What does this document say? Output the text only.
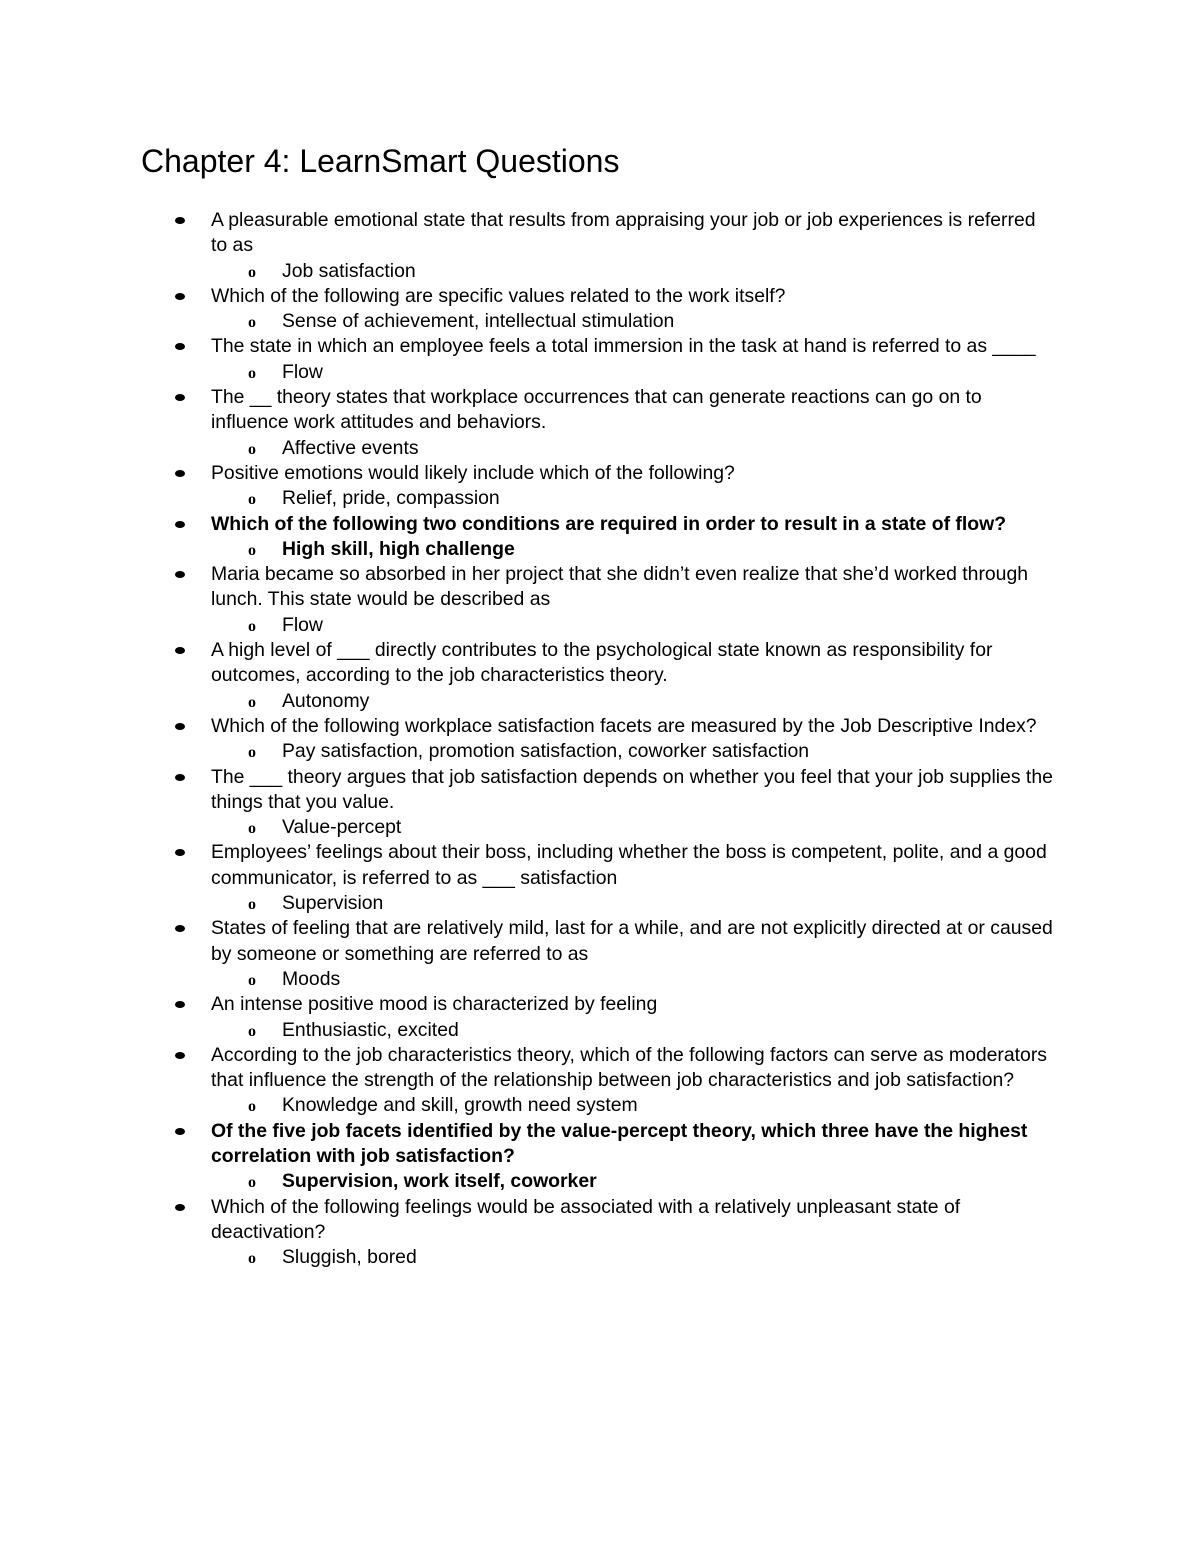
Chapter 4: LearnSmart Questions
A pleasurable emotional state that results from appraising your job or job experiences is referred to as
o Job satisfaction
Which of the following are specific values related to the work itself?
o Sense of achievement, intellectual stimulation
The state in which an employee feels a total immersion in the task at hand is referred to as ____
o Flow
The __ theory states that workplace occurrences that can generate reactions can go on to influence work attitudes and behaviors.
o Affective events
Positive emotions would likely include which of the following?
o Relief, pride, compassion
Which of the following two conditions are required in order to result in a state of flow?
o High skill, high challenge
Maria became so absorbed in her project that she didn’t even realize that she’d worked through lunch. This state would be described as
o Flow
A high level of ___ directly contributes to the psychological state known as responsibility for outcomes, according to the job characteristics theory.
o Autonomy
Which of the following workplace satisfaction facets are measured by the Job Descriptive Index?
o Pay satisfaction, promotion satisfaction, coworker satisfaction
The ___ theory argues that job satisfaction depends on whether you feel that your job supplies the things that you value.
o Value-percept
Employees’ feelings about their boss, including whether the boss is competent, polite, and a good communicator, is referred to as ___ satisfaction
o Supervision
States of feeling that are relatively mild, last for a while, and are not explicitly directed at or caused by someone or something are referred to as
o Moods
An intense positive mood is characterized by feeling
o Enthusiastic, excited
According to the job characteristics theory, which of the following factors can serve as moderators that influence the strength of the relationship between job characteristics and job satisfaction?
o Knowledge and skill, growth need system
Of the five job facets identified by the value-percept theory, which three have the highest correlation with job satisfaction?
o Supervision, work itself, coworker
Which of the following feelings would be associated with a relatively unpleasant state of deactivation?
o Sluggish, bored
